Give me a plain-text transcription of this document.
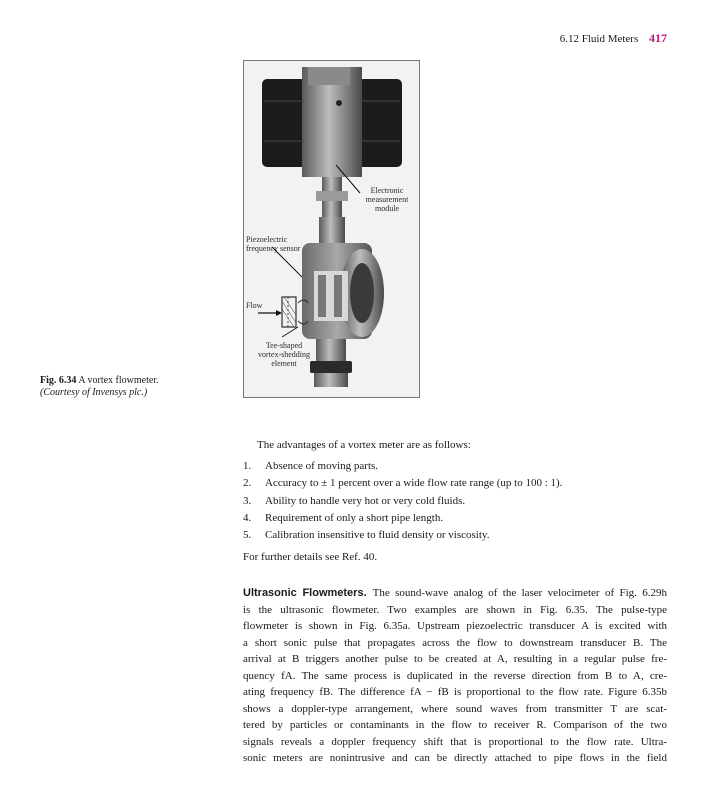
6.12 Fluid Meters 417
Electronic measurement module
Piezoelectric frequency sensor
Flow
Tee-shaped vortex-shedding element
Fig. 6.34 A vortex flowmeter.
(Courtesy of Invensys plc.)
The advantages of a vortex meter are as follows:
1. Absence of moving parts.
2. Accuracy to ± 1 percent over a wide flow rate range (up to 100 : 1).
3. Ability to handle very hot or very cold fluids.
4. Requirement of only a short pipe length.
5. Calibration insensitive to fluid density or viscosity.
For further details see Ref. 40.
Ultrasonic Flowmeters. The sound-wave analog of the laser velocimeter of Fig. 6.29h
is the ultrasonic flowmeter. Two examples are shown in Fig. 6.35. The pulse-type
flowmeter is shown in Fig. 6.35a. Upstream piezoelectric transducer A is excited with
a short sonic pulse that propagates across the flow to downstream transducer B. The
arrival at B triggers another pulse to be created at A, resulting in a regular pulse fre-
quency fA. The same process is duplicated in the reverse direction from B to A, cre-
ating frequency fB. The difference fA − fB is proportional to the flow rate. Figure 6.35b
shows a doppler-type arrangement, where sound waves from transmitter T are scat-
tered by particles or contaminants in the flow to receiver R. Comparison of the two
signals reveals a doppler frequency shift that is proportional to the flow rate. Ultra-
sonic meters are nonintrusive and can be directly attached to pipe flows in the field
